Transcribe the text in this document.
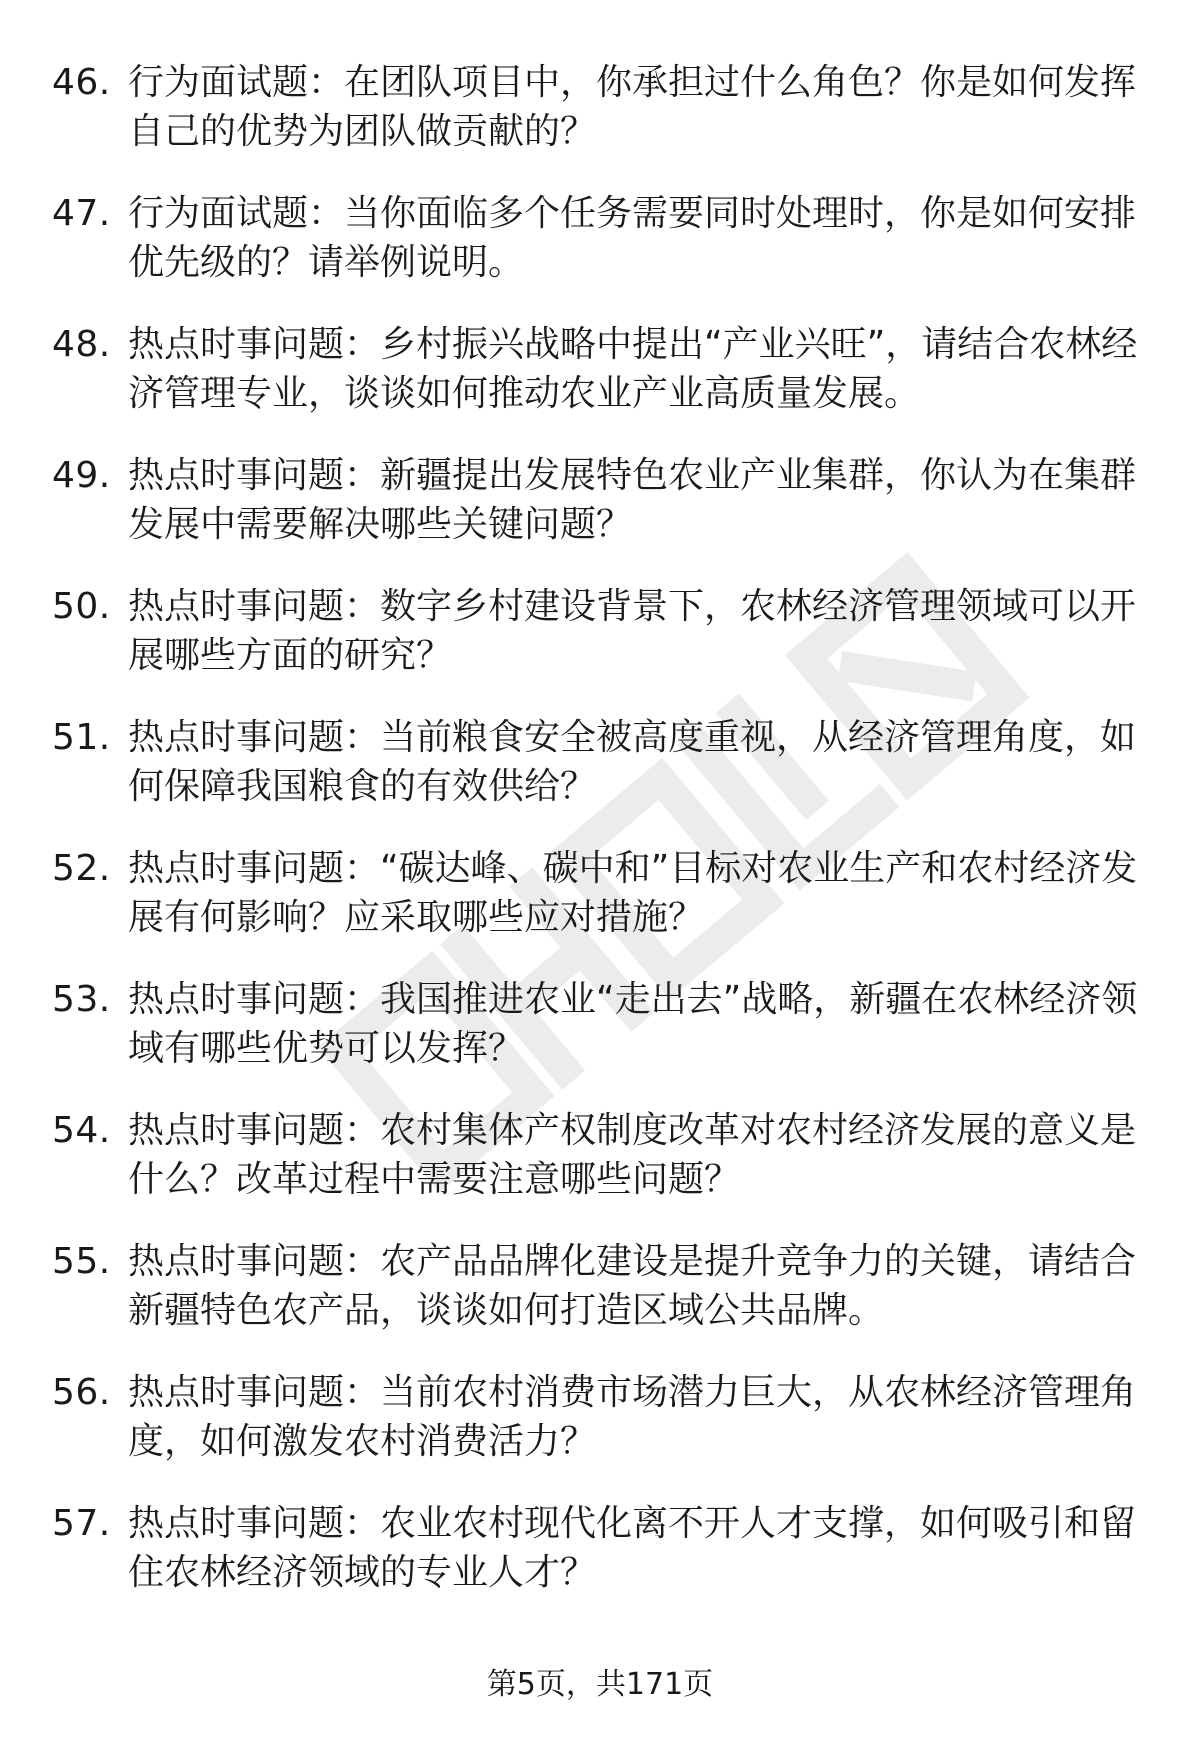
46. 行为面试题：在团队项目中，你承担过什么角色？你是如何发挥自己的优势为团队做贡献的？
47. 行为面试题：当你面临多个任务需要同时处理时，你是如何安排优先级的？请举例说明。
48. 热点时事问题：乡村振兴战略中提出“产业兴旺”，请结合农林经济管理专业，谈谈如何推动农业产业高质量发展。
49. 热点时事问题：新疆提出发展特色农业产业集群，你认为在集群发展中需要解决哪些关键问题？
50. 热点时事问题：数字乡村建设背景下，农林经济管理领域可以开展哪些方面的研究？
51. 热点时事问题：当前粮食安全被高度重视，从经济管理角度，如何保障我国粮食的有效供给？
52. 热点时事问题：“碳达峰、碳中和”目标对农业生产和农村经济发展有何影响？应采取哪些应对措施？
53. 热点时事问题：我国推进农业“走出去”战略，新疆在农林经济领域有哪些优势可以发挥？
54. 热点时事问题：农村集体产权制度改革对农村经济发展的意义是什么？改革过程中需要注意哪些问题？
55. 热点时事问题：农产品品牌化建设是提升竞争力的关键，请结合新疆特色农产品，谈谈如何打造区域公共品牌。
56. 热点时事问题：当前农村消费市场潜力巨大，从农林经济管理角度，如何激发农村消费活力？
57. 热点时事问题：农业农村现代化离不开人才支撑，如何吸引和留住农林经济领域的专业人才？
第5页，共171页
